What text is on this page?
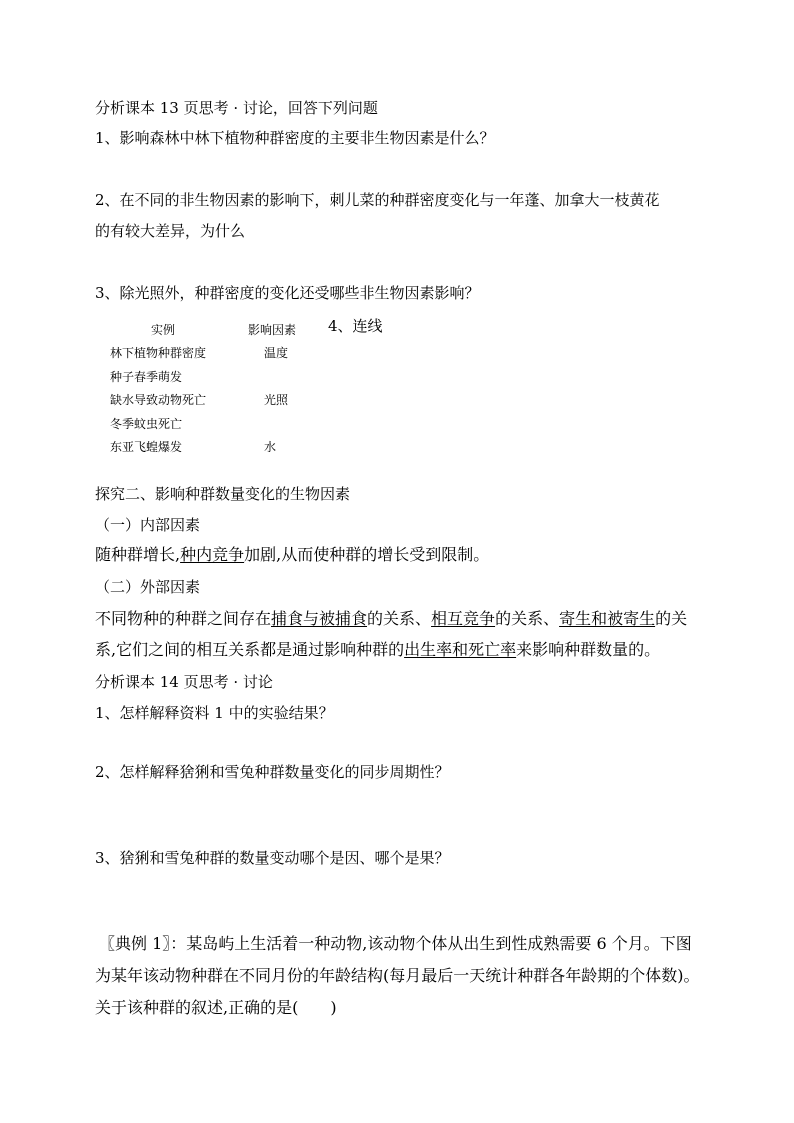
分析课本 13 页思考 · 讨论，回答下列问题
1、影响森林中林下植物种群密度的主要非生物因素是什么？
2、在不同的非生物因素的影响下，刺儿菜的种群密度变化与一年蓬、加拿大一枝黄花
的有较大差异，为什么
3、除光照外，种群密度的变化还受哪些非生物因素影响？
4、连线
实例	影响因素
林下植物种群密度
种子春季萌发
缺水导致动物死亡
冬季蚊虫死亡
东亚飞蝗爆发
温度
光照
水
探究二、影响种群数量变化的生物因素
（一）内部因素
随种群增长,种内竞争加剧,从而使种群的增长受到限制。
（二）外部因素
不同物种的种群之间存在捕食与被捕食的关系、相互竞争的关系、寄生和被寄生的关
系,它们之间的相互关系都是通过影响种群的出生率和死亡率来影响种群数量的。
分析课本 14 页思考 · 讨论
1、怎样解释资料 1 中的实验结果？
2、怎样解释猞猁和雪兔种群数量变化的同步周期性？
3、猞猁和雪兔种群的数量变动哪个是因、哪个是果？
〖典例 1〗：某岛屿上生活着一种动物,该动物个体从出生到性成熟需要 6 个月。下图
为某年该动物种群在不同月份的年龄结构(每月最后一天统计种群各年龄期的个体数)。
关于该种群的叙述,正确的是(　　)
